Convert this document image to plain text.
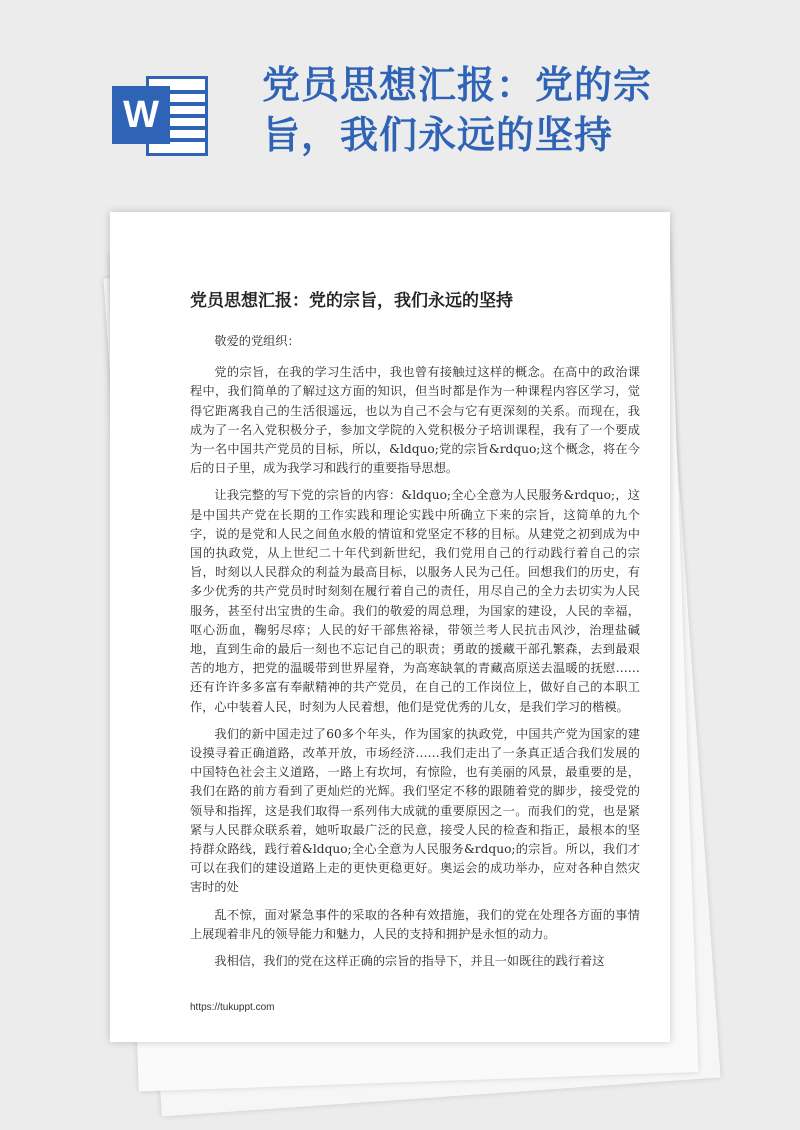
W
党员思想汇报：党的宗旨，我们永远的坚持
党员思想汇报：党的宗旨，我们永远的坚持

敬爱的党组织：

党的宗旨，在我的学习生活中，我也曾有接触过这样的概念。在高中的政治课程中，我们简单的了解过这方面的知识，但当时都是作为一种课程内容区学习，觉得它距离我自己的生活很遥远，也以为自己不会与它有更深刻的关系。而现在，我成为了一名入党积极分子，参加文学院的入党积极分子培训课程，我有了一个要成为一名中国共产党员的目标，所以，&ldquo;党的宗旨&rdquo;这个概念，将在今后的日子里，成为我学习和践行的重要指导思想。

让我完整的写下党的宗旨的内容：&ldquo;全心全意为人民服务&rdquo;，这是中国共产党在长期的工作实践和理论实践中所确立下来的宗旨，这简单的九个字，说的是党和人民之间鱼水般的情谊和党坚定不移的目标。从建党之初到成为中国的执政党，从上世纪二十年代到新世纪，我们党用自己的行动践行着自己的宗旨，时刻以人民群众的利益为最高目标，以服务人民为己任。回想我们的历史，有多少优秀的共产党员时时刻刻在履行着自己的责任，用尽自己的全力去切实为人民服务，甚至付出宝贵的生命。我们的敬爱的周总理，为国家的建设，人民的幸福，呕心沥血，鞠躬尽瘁；人民的好干部焦裕禄，带领兰考人民抗击风沙，治理盐碱地，直到生命的最后一刻也不忘记自己的职责；勇敢的援藏干部孔繁森，去到最艰苦的地方，把党的温暖带到世界屋脊，为高寒缺氧的青藏高原送去温暖的抚慰……还有许许多多富有奉献精神的共产党员，在自己的工作岗位上，做好自己的本职工作，心中装着人民，时刻为人民着想，他们是党优秀的儿女，是我们学习的楷模。

我们的新中国走过了60多个年头，作为国家的执政党，中国共产党为国家的建设摸寻着正确道路，改革开放，市场经济……我们走出了一条真正适合我们发展的中国特色社会主义道路，一路上有坎坷，有惊险，也有美丽的风景，最重要的是，我们在路的前方看到了更灿烂的光辉。我们坚定不移的跟随着党的脚步，接受党的领导和指挥，这是我们取得一系列伟大成就的重要原因之一。而我们的党，也是紧紧与人民群众联系着，她听取最广泛的民意，接受人民的检查和指正，最根本的坚持群众路线，践行着&ldquo;全心全意为人民服务&rdquo;的宗旨。所以，我们才可以在我们的建设道路上走的更快更稳更好。奥运会的成功举办，应对各种自然灾害时的处

乱不惊，面对紧急事件的采取的各种有效措施，我们的党在处理各方面的事情上展现着非凡的领导能力和魅力，人民的支持和拥护是永恒的动力。

我相信，我们的党在这样正确的宗旨的指导下，并且一如既往的践行着这

https://tukuppt.com
